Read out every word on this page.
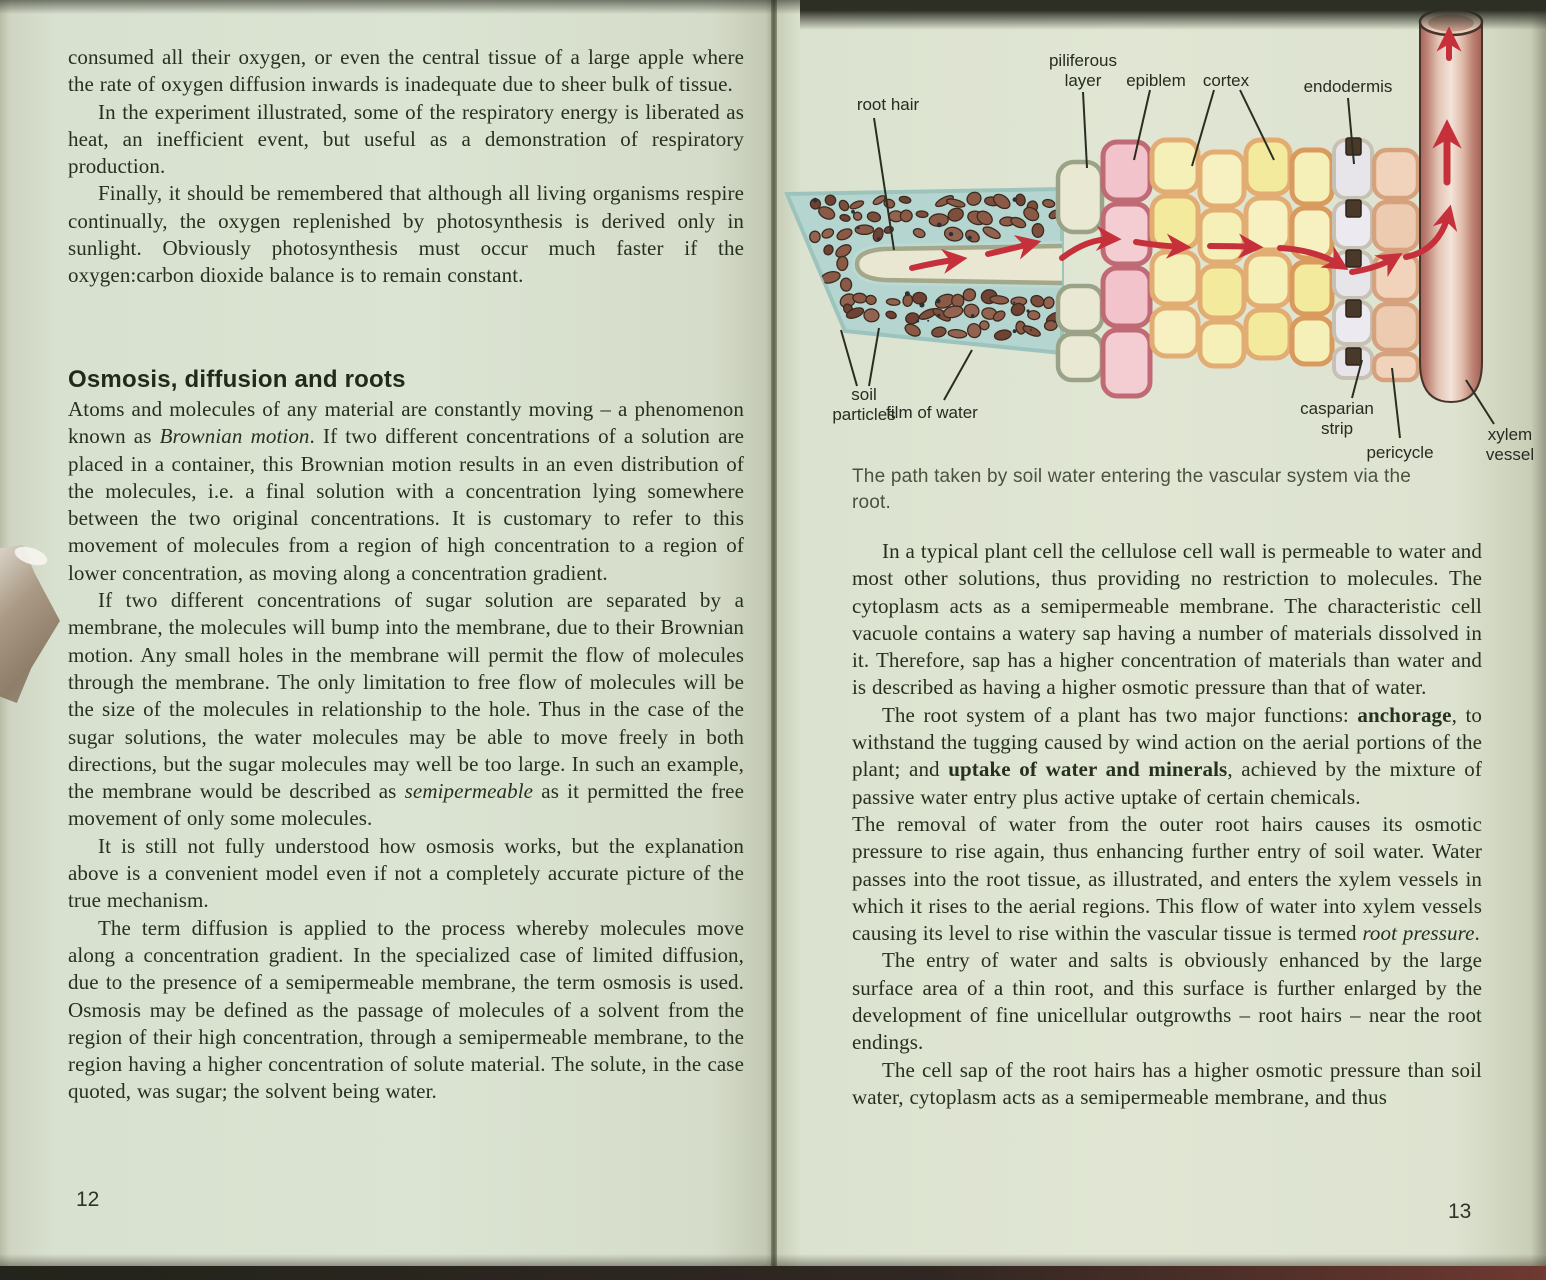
consumed all their oxygen, or even the central tissue of a large apple where the rate of oxygen diffusion inwards is inadequate due to sheer bulk of tissue.

In the experiment illustrated, some of the respiratory energy is liberated as heat, an inefficient event, but useful as a demonstration of respiratory production.

Finally, it should be remembered that although all living organisms respire continually, the oxygen replenished by photosynthesis is derived only in sunlight. Obviously photosynthesis must occur much faster if the oxygen:carbon dioxide balance is to remain constant.

Osmosis, diffusion and roots

Atoms and molecules of any material are constantly moving – a phenomenon known as Brownian motion. If two different concentrations of a solution are placed in a container, this Brownian motion results in an even distribution of the molecules, i.e. a final solution with a concentration lying somewhere between the two original concentrations. It is customary to refer to this movement of molecules from a region of high concentration to a region of lower concentration, as moving along a concentration gradient.

If two different concentrations of sugar solution are separated by a membrane, the molecules will bump into the membrane, due to their Brownian motion. Any small holes in the membrane will permit the flow of molecules through the membrane. The only limitation to free flow of molecules will be the size of the molecules in relationship to the hole. Thus in the case of the sugar solutions, the water molecules may be able to move freely in both directions, but the sugar molecules may well be too large. In such an example, the membrane would be described as semipermeable as it permitted the free movement of only some molecules.

It is still not fully understood how osmosis works, but the explanation above is a convenient model even if not a completely accurate picture of the true mechanism.

The term diffusion is applied to the process whereby molecules move along a concentration gradient. In the specialized case of limited diffusion, due to the presence of a semipermeable membrane, the term osmosis is used. Osmosis may be defined as the passage of molecules of a solvent from the region of their high concentration, through a semipermeable membrane, to the region having a higher concentration of solute material. The solute, in the case quoted, was sugar; the solvent being water.

12
The path taken by soil water entering the vascular system via the root.

In a typical plant cell the cellulose cell wall is permeable to water and most other solutions, thus providing no restriction to molecules. The cytoplasm acts as a semipermeable membrane. The characteristic cell vacuole contains a watery sap having a number of materials dissolved in it. Therefore, sap has a higher concentration of materials than water and is described as having a higher osmotic pressure than that of water.

The root system of a plant has two major functions: anchorage, to withstand the tugging caused by wind action on the aerial portions of the plant; and uptake of water and minerals, achieved by the mixture of passive water entry plus active uptake of certain chemicals.

The removal of water from the outer root hairs causes its osmotic pressure to rise again, thus enhancing further entry of soil water. Water passes into the root tissue, as illustrated, and enters the xylem vessels in which it rises to the aerial regions. This flow of water into xylem vessels causing its level to rise within the vascular tissue is termed root pressure.

The entry of water and salts is obviously enhanced by the large surface area of a thin root, and this surface is further enlarged by the development of fine unicellular outgrowths – root hairs – near the root endings.

The cell sap of the root hairs has a higher osmotic pressure than soil water, cytoplasm acts as a semipermeable membrane, and thus

13
root hair
piliferous
layer epiblem cortex	endodermis
soil
particles
film of water	casparian
strip
pericycle
xylem
vessel
